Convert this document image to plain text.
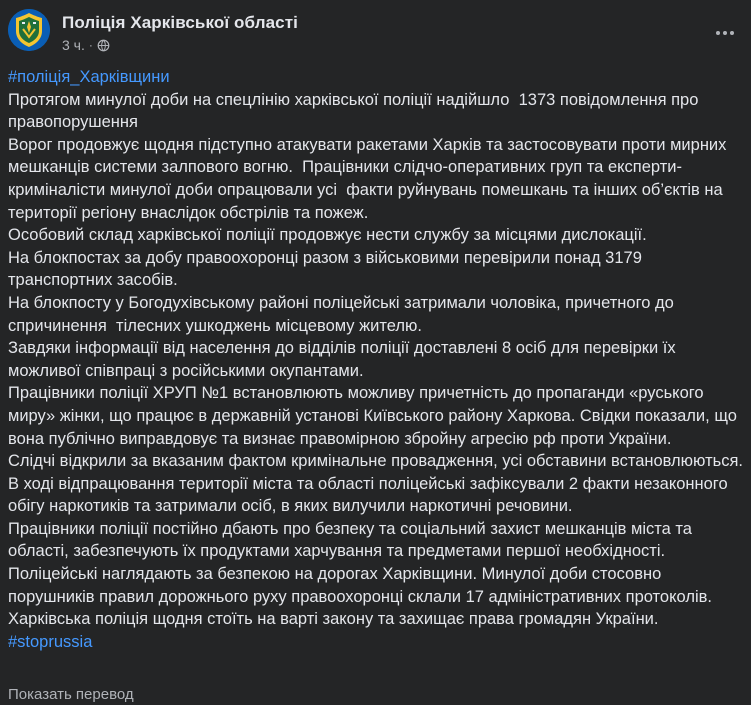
Поліція Харківської області
3 ч. ·

#поліція_Харківщини

Протягом минулої доби на спецлінію харківської поліції надійшло  1373 повідомлення про правопорушення

Ворог продовжує щодня підступно атакувати ракетами Харків та застосовувати проти мирних мешканців системи залпового вогню.  Працівники слідчо-оперативних груп та експерти-криміналісти минулої доби опрацювали усі  факти руйнувань помешкань та інших об’єктів на території регіону внаслідок обстрілів та пожеж.

Особовий склад харківської поліції продовжує нести службу за місцями дислокації.

На блокпостах за добу правоохоронці разом з військовими перевірили понад 3179 транспортних засобів.

На блокпосту у Богодухівському районі поліцейські затримали чоловіка, причетного до спричинення  тілесних ушкоджень місцевому жителю.

Завдяки інформації від населення до відділів поліції доставлені 8 осіб для перевірки їх можливої співпраці з російськими окупантами.

Працівники поліції ХРУП №1 встановлюють можливу причетність до пропаганди «руського миру» жінки, що працює в державній установі Київського району Харкова. Свідки показали, що вона публічно виправдовує та визнає правомірною збройну агресію рф проти України.

Слідчі відкрили за вказаним фактом кримінальне провадження, усі обставини встановлюються.

В ході відпрацювання території міста та області поліцейські зафіксували 2 факти незаконного обігу наркотиків та затримали осіб, в яких вилучили наркотичні речовини.

Працівники поліції постійно дбають про безпеку та соціальний захист мешканців міста та області, забезпечують їх продуктами харчування та предметами першої необхідності.

Поліцейські наглядають за безпекою на дорогах Харківщини. Минулої доби стосовно порушників правил дорожнього руху правоохоронці склали 17 адміністративних протоколів.

Харківська поліція щодня стоїть на варті закону та захищає права громадян України.

#stoprussia

Показать перевод
